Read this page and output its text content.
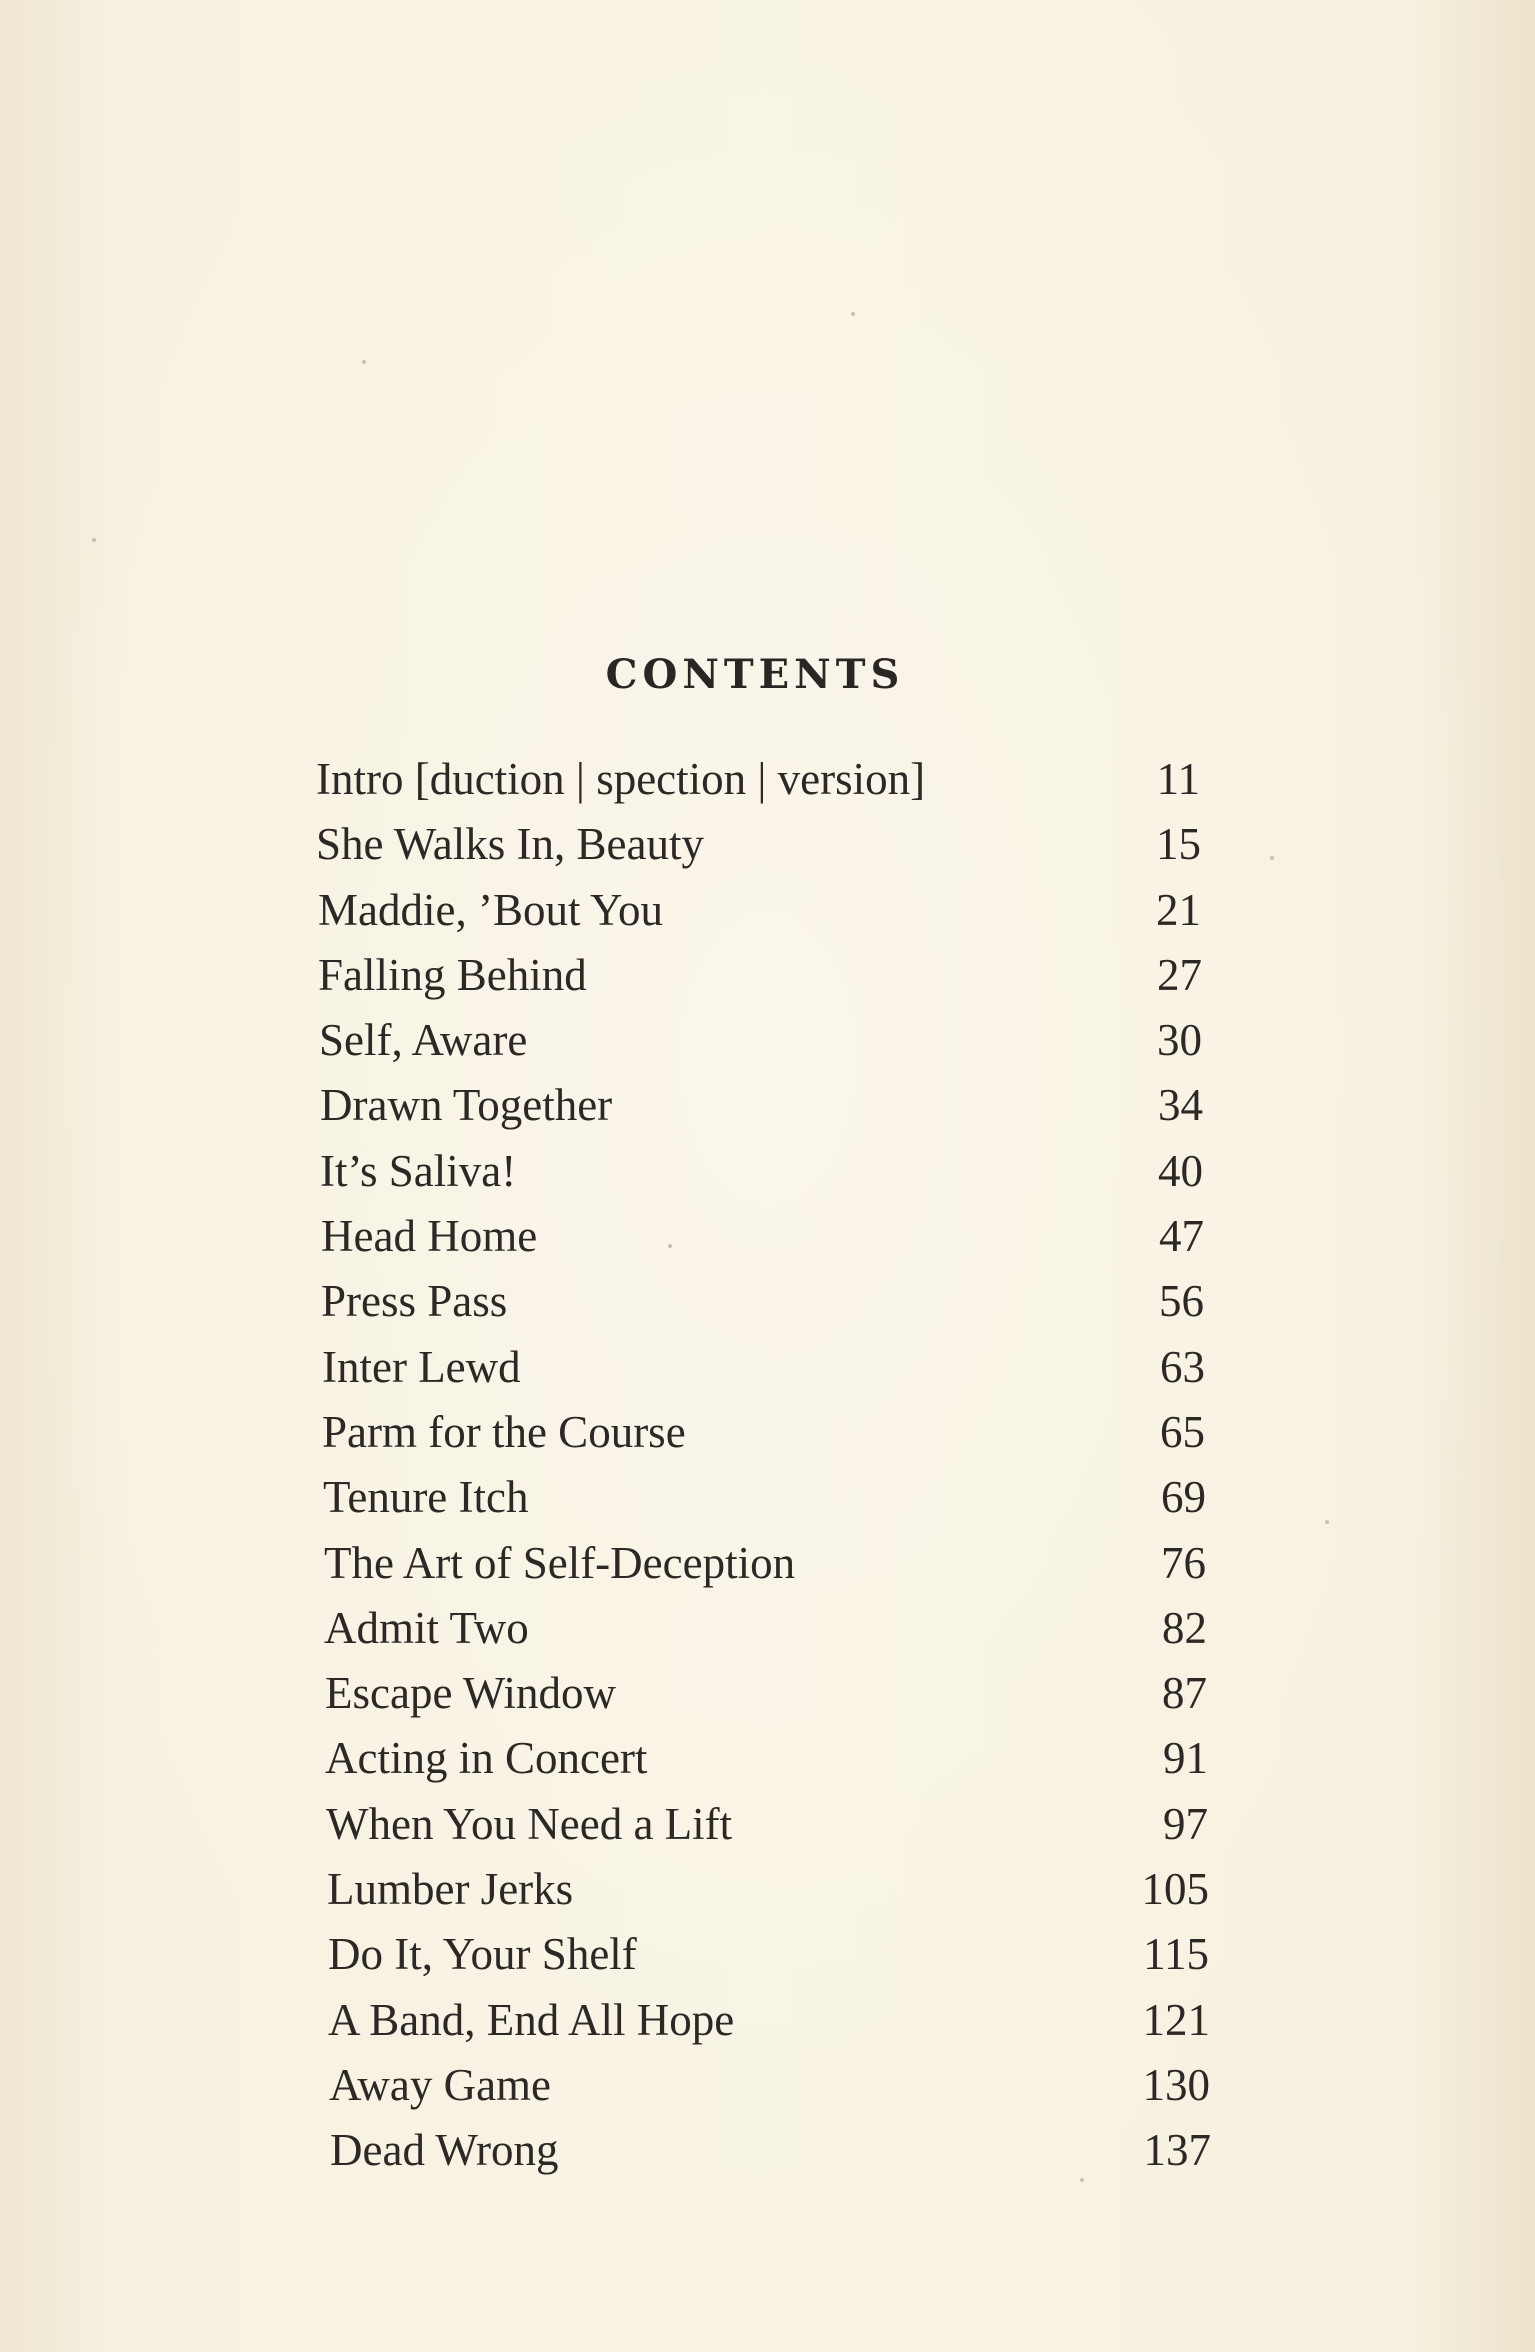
CONTENTS
Intro [duction | spection | version]	11
She Walks In, Beauty	15
Maddie, ’Bout You	21
Falling Behind	27
Self, Aware	30
Drawn Together	34
It’s Saliva!	40
Head Home	47
Press Pass	56
Inter Lewd	63
Parm for the Course	65
Tenure Itch	69
The Art of Self-Deception	76
Admit Two	82
Escape Window	87
Acting in Concert	91
When You Need a Lift	97
Lumber Jerks	105
Do It, Your Shelf	115
A Band, End All Hope	121
Away Game	130
Dead Wrong	137
